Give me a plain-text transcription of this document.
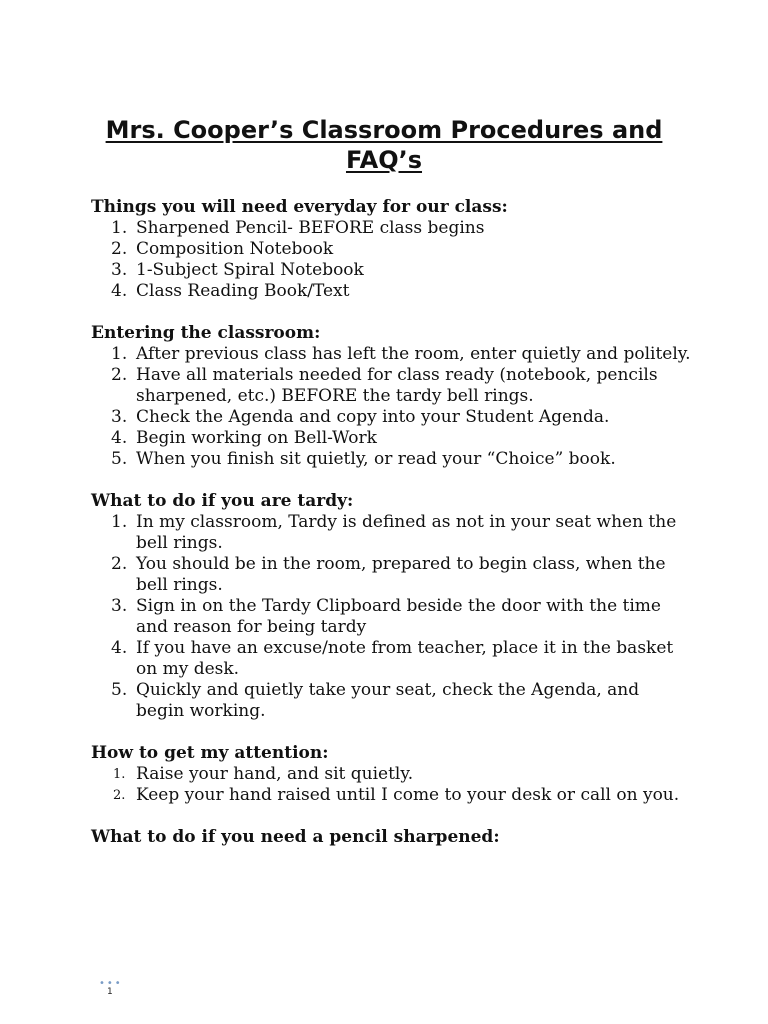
Mrs. Cooper’s Classroom Procedures and FAQ’s

Things you will need everyday for our class:

1. Sharpened Pencil- BEFORE class begins
2. Composition Notebook
3. 1-Subject Spiral Notebook
4. Class Reading Book/Text

Entering the classroom:

1. After previous class has left the room, enter quietly and politely.
2. Have all materials needed for class ready (notebook, pencils sharpened, etc.) BEFORE the tardy bell rings.
3. Check the Agenda and copy into your Student Agenda.
4. Begin working on Bell-Work
5. When you finish sit quietly, or read your “Choice” book.

What to do if you are tardy:

1. In my classroom, Tardy is defined as not in your seat when the bell rings.
2. You should be in the room, prepared to begin class, when the bell rings.
3. Sign in on the Tardy Clipboard beside the door with the time and reason for being tardy
4. If you have an excuse/note from teacher, place it in the basket on my desk.
5. Quickly and quietly take your seat, check the Agenda, and begin working.

How to get my attention:

1. Raise your hand, and sit quietly.
2. Keep your hand raised until I come to your desk or call on you.

What to do if you need a pencil sharpened:

•••
1
